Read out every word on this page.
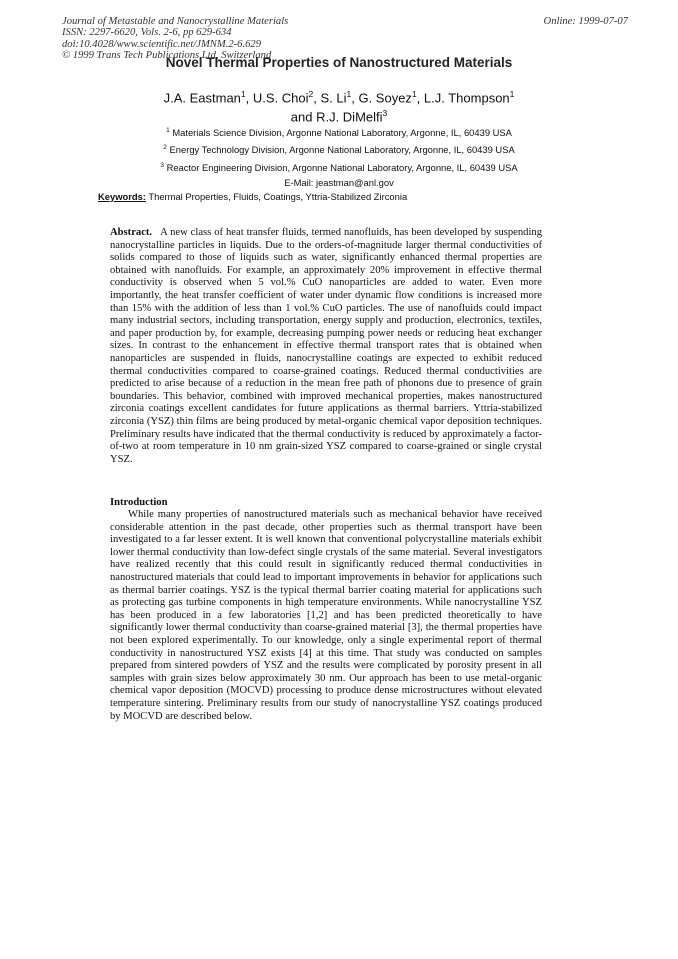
Journal of Metastable and Nanocrystalline Materials
ISSN: 2297-6620, Vols. 2-6, pp 629-634
doi:10.4028/www.scientific.net/JMNM.2-6.629
© 1999 Trans Tech Publications Ltd, Switzerland
Online: 1999-07-07
Novel Thermal Properties of Nanostructured Materials
J.A. Eastman$^1$, U.S. Choi$^2$, S. Li$^1$, G. Soyez$^1$, L.J. Thompson$^1$
and R.J. DiMelfi$^3$
$^1$ Materials Science Division, Argonne National Laboratory, Argonne, IL, 60439 USA
$^2$ Energy Technology Division, Argonne National Laboratory, Argonne, IL, 60439 USA
$^3$ Reactor Engineering Division, Argonne National Laboratory, Argonne, IL, 60439 USA
E-Mail: jeastman@anl.gov
Keywords: Thermal Properties, Fluids, Coatings, Yttria-Stabilized Zirconia
Abstract. A new class of heat transfer fluids, termed nanofluids, has been developed by suspending nanocrystalline particles in liquids. Due to the orders-of-magnitude larger thermal conductivities of solids compared to those of liquids such as water, significantly enhanced thermal properties are obtained with nanofluids. For example, an approximately 20% improvement in effective thermal conductivity is observed when 5 vol.% CuO nanoparticles are added to water. Even more importantly, the heat transfer coefficient of water under dynamic flow conditions is increased more than 15% with the addition of less than 1 vol.% CuO particles. The use of nanofluids could impact many industrial sectors, including transportation, energy supply and production, electronics, textiles, and paper production by, for example, decreasing pumping power needs or reducing heat exchanger sizes. In contrast to the enhancement in effective thermal transport rates that is obtained when nanoparticles are suspended in fluids, nanocrystalline coatings are expected to exhibit reduced thermal conductivities compared to coarse-grained coatings. Reduced thermal conductivities are predicted to arise because of a reduction in the mean free path of phonons due to presence of grain boundaries. This behavior, combined with improved mechanical properties, makes nanostructured zirconia coatings excellent candidates for future applications as thermal barriers. Yttria-stabilized zirconia (YSZ) thin films are being produced by metal-organic chemical vapor deposition techniques. Preliminary results have indicated that the thermal conductivity is reduced by approximately a factor-of-two at room temperature in 10 nm grain-sized YSZ compared to coarse-grained or single crystal YSZ.
Introduction
While many properties of nanostructured materials such as mechanical behavior have received considerable attention in the past decade, other properties such as thermal transport have been investigated to a far lesser extent. It is well known that conventional polycrystalline materials exhibit lower thermal conductivity than low-defect single crystals of the same material. Several investigators have realized recently that this could result in significantly reduced thermal conductivities in nanostructured materials that could lead to important improvements in behavior for applications such as thermal barrier coatings. YSZ is the typical thermal barrier coating material for applications such as protecting gas turbine components in high temperature environments. While nanocrystalline YSZ has been produced in a few laboratories [1,2] and has been predicted theoretically to have significantly lower thermal conductivity than coarse-grained material [3], the thermal properties have not been explored experimentally. To our knowledge, only a single experimental report of thermal conductivity in nanostructured YSZ exists [4] at this time. That study was conducted on samples prepared from sintered powders of YSZ and the results were complicated by porosity present in all samples with grain sizes below approximately 30 nm. Our approach has been to use metal-organic chemical vapor deposition (MOCVD) processing to produce dense microstructures without elevated temperature sintering. Preliminary results from our study of nanocrystalline YSZ coatings produced by MOCVD are described below.
